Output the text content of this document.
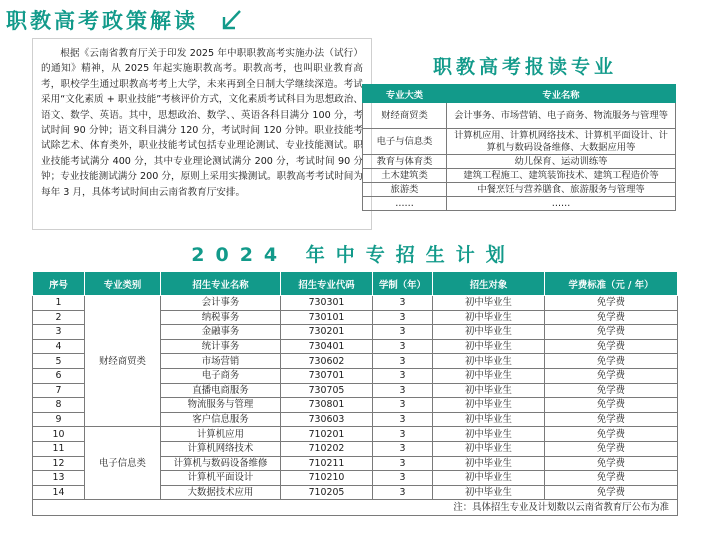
职教高考政策解读

根据《云南省教育厅关于印发 2025 年中职职教高考实施办法（试行）的通知》精神，从 2025 年起实施职教高考。职教高考，也叫职业教育高考，职校学生通过职教高考考上大学，未来再到全日制大学继续深造。考试采用“文化素质 + 职业技能”考核评价方式，文化素质考试科目为思想政治、语文、数学、英语。其中，思想政治、数学、、英语各科目满分 100 分，考试时间 90 分钟；语文科目满分 120 分，考试时间 120 分钟。职业技能考试除艺术、体育类外，职业技能考试包括专业理论测试、专业技能测试。职业技能考试满分 400 分，其中专业理论测试满分 200 分，考试时间 90 分钟；专业技能测试满分 200 分，原则上采用实操测试。职教高考考试时间为每年 3 月，具体考试时间由云南省教育厅安排。

职教高考报读专业
专业大类	专业名称
财经商贸类	会计事务、市场营销、电子商务、物流服务与管理等
电子与信息类	计算机应用、计算机网络技术、计算机平面设计、计算机与数码设备维修、大数据应用等
教育与体育类	幼儿保育、运动训练等
土木建筑类	建筑工程施工、建筑装饰技术、建筑工程造价等
旅游类	中餐烹饪与营养膳食、旅游服务与管理等
……	……
2024 年中专招生计划
序号	专业类别	招生专业名称	招生专业代码	学制（年）	招生对象	学费标准（元 / 年）
1	财经商贸类	会计事务	730301	3	初中毕业生	免学费
2		纳税事务	730101	3	初中毕业生	免学费
3		金融事务	730201	3	初中毕业生	免学费
4		统计事务	730401	3	初中毕业生	免学费
5		市场营销	730602	3	初中毕业生	免学费
6		电子商务	730701	3	初中毕业生	免学费
7		直播电商服务	730705	3	初中毕业生	免学费
8		物流服务与管理	730801	3	初中毕业生	免学费
9		客户信息服务	730603	3	初中毕业生	免学费
10	电子信息类	计算机应用	710201	3	初中毕业生	免学费
11		计算机网络技术	710202	3	初中毕业生	免学费
12		计算机与数码设备维修	710211	3	初中毕业生	免学费
13		计算机平面设计	710210	3	初中毕业生	免学费
14		大数据技术应用	710205	3	初中毕业生	免学费
注：具体招生专业及计划数以云南省教育厅公布为准						
